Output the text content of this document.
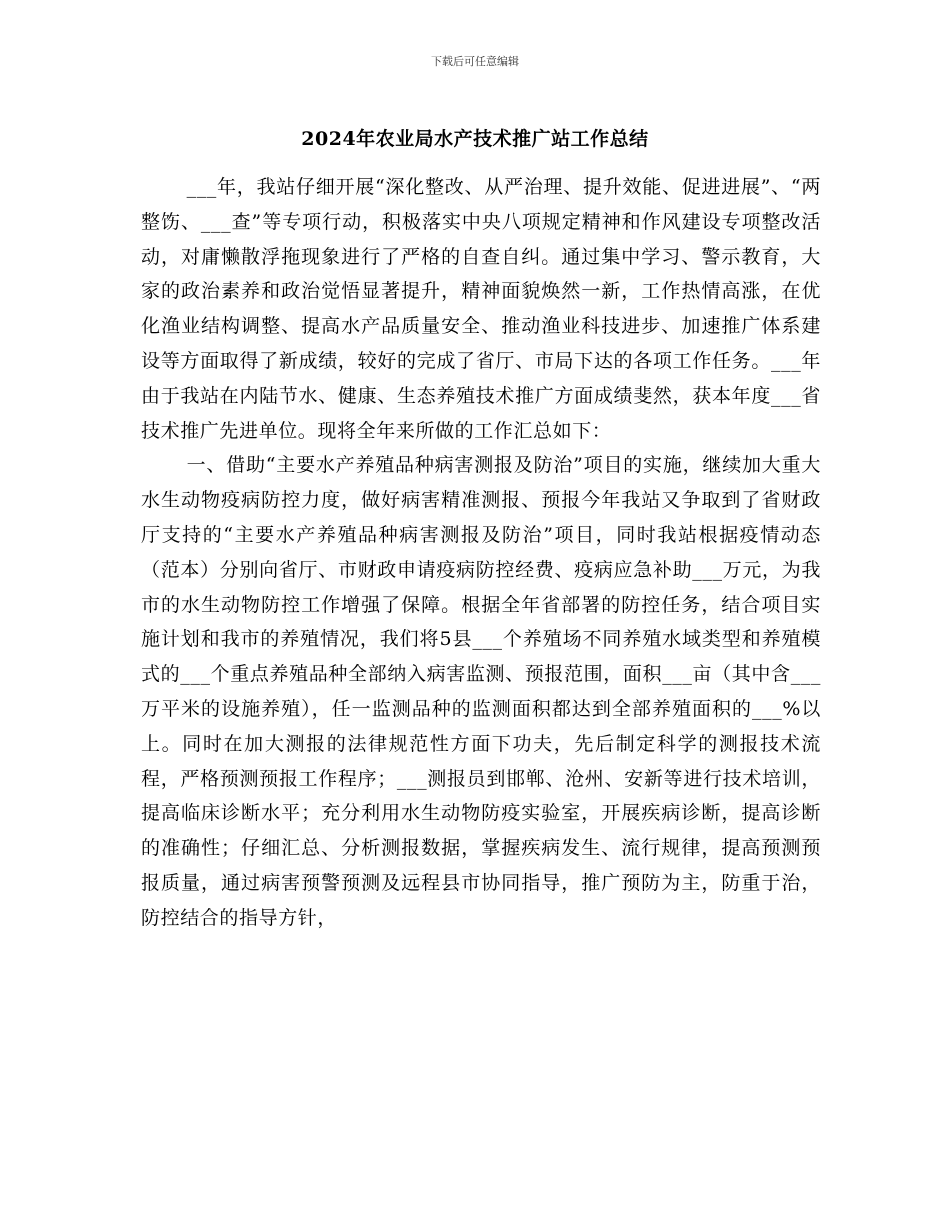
下载后可任意编辑
2024年农业局水产技术推广站工作总结

___年，我站仔细开展“深化整改、从严治理、提升效能、促进进展”、“两整饬、___查”等专项行动，积极落实中央八项规定精神和作风建设专项整改活动，对庸懒散浮拖现象进行了严格的自查自纠。通过集中学习、警示教育，大家的政治素养和政治觉悟显著提升，精神面貌焕然一新，工作热情高涨，在优化渔业结构调整、提高水产品质量安全、推动渔业科技进步、加速推广体系建设等方面取得了新成绩，较好的完成了省厅、市局下达的各项工作任务。___年由于我站在内陆节水、健康、生态养殖技术推广方面成绩斐然，获本年度___省技术推广先进单位。现将全年来所做的工作汇总如下：

一、借助“主要水产养殖品种病害测报及防治”项目的实施，继续加大重大水生动物疫病防控力度，做好病害精准测报、预报今年我站又争取到了省财政厅支持的“主要水产养殖品种病害测报及防治”项目，同时我站根据疫情动态（范本）分别向省厅、市财政申请疫病防控经费、疫病应急补助___万元，为我市的水生动物防控工作增强了保障。根据全年省部署的防控任务，结合项目实施计划和我市的养殖情况，我们将5县___个养殖场不同养殖水域类型和养殖模式的___个重点养殖品种全部纳入病害监测、预报范围，面积___亩（其中含___万平米的设施养殖），任一监测品种的监测面积都达到全部养殖面积的___%以上。同时在加大测报的法律规范性方面下功夫，先后制定科学的测报技术流程，严格预测预报工作程序；___测报员到邯郸、沧州、安新等进行技术培训，提高临床诊断水平；充分利用水生动物防疫实验室，开展疾病诊断，提高诊断的准确性；仔细汇总、分析测报数据，掌握疾病发生、流行规律，提高预测预报质量，通过病害预警预测及远程县市协同指导，推广预防为主，防重于治，防控结合的指导方针，
